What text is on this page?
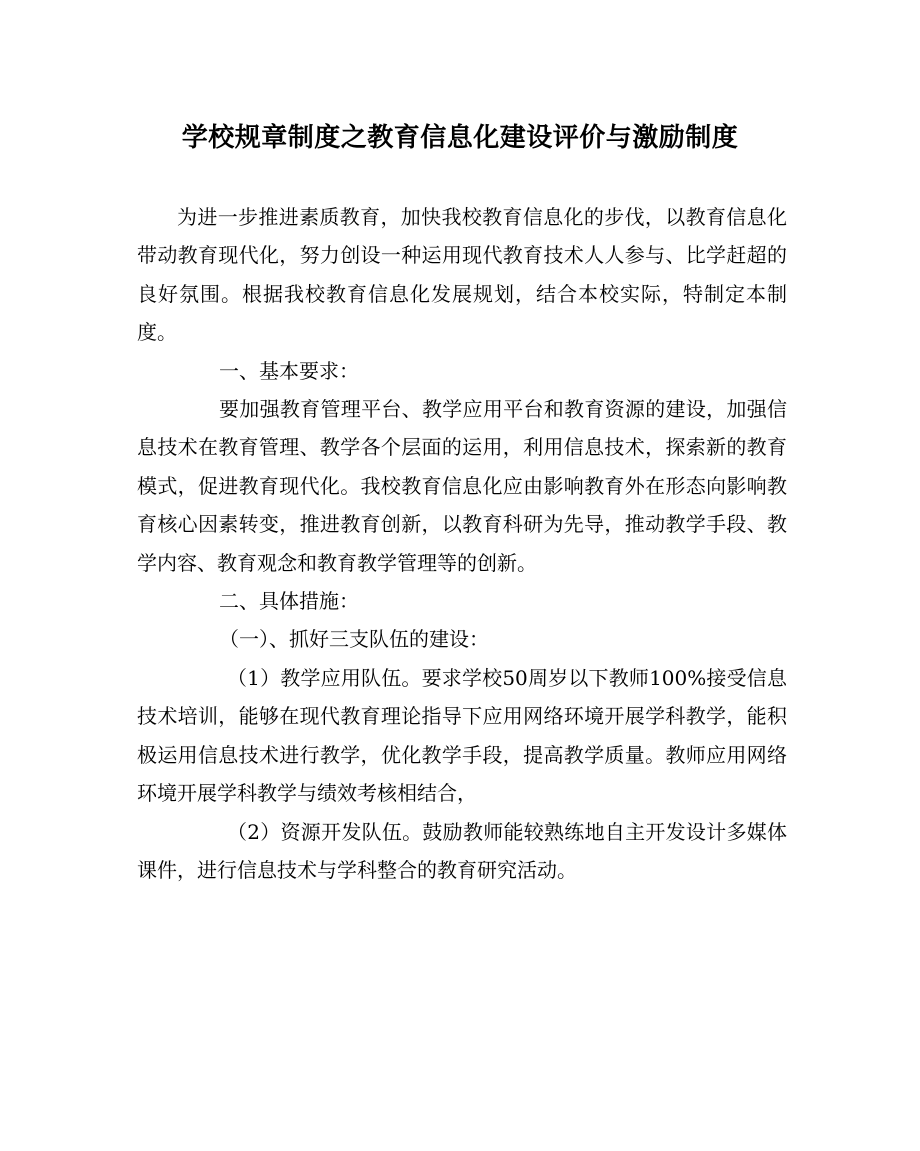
学校规章制度之教育信息化建设评价与激励制度

为进一步推进素质教育，加快我校教育信息化的步伐，以教育信息化带动教育现代化，努力创设一种运用现代教育技术人人参与、比学赶超的良好氛围。根据我校教育信息化发展规划，结合本校实际，特制定本制度。

一、基本要求：

要加强教育管理平台、教学应用平台和教育资源的建设，加强信息技术在教育管理、教学各个层面的运用，利用信息技术，探索新的教育模式，促进教育现代化。我校教育信息化应由影响教育外在形态向影响教育核心因素转变，推进教育创新，以教育科研为先导，推动教学手段、教学内容、教育观念和教育教学管理等的创新。

二、具体措施：

（一）、抓好三支队伍的建设：

（1）教学应用队伍。要求学校50周岁以下教师100%接受信息技术培训，能够在现代教育理论指导下应用网络环境开展学科教学，能积极运用信息技术进行教学，优化教学手段，提高教学质量。教师应用网络环境开展学科教学与绩效考核相结合，

（2）资源开发队伍。鼓励教师能较熟练地自主开发设计多媒体课件，进行信息技术与学科整合的教育研究活动。
